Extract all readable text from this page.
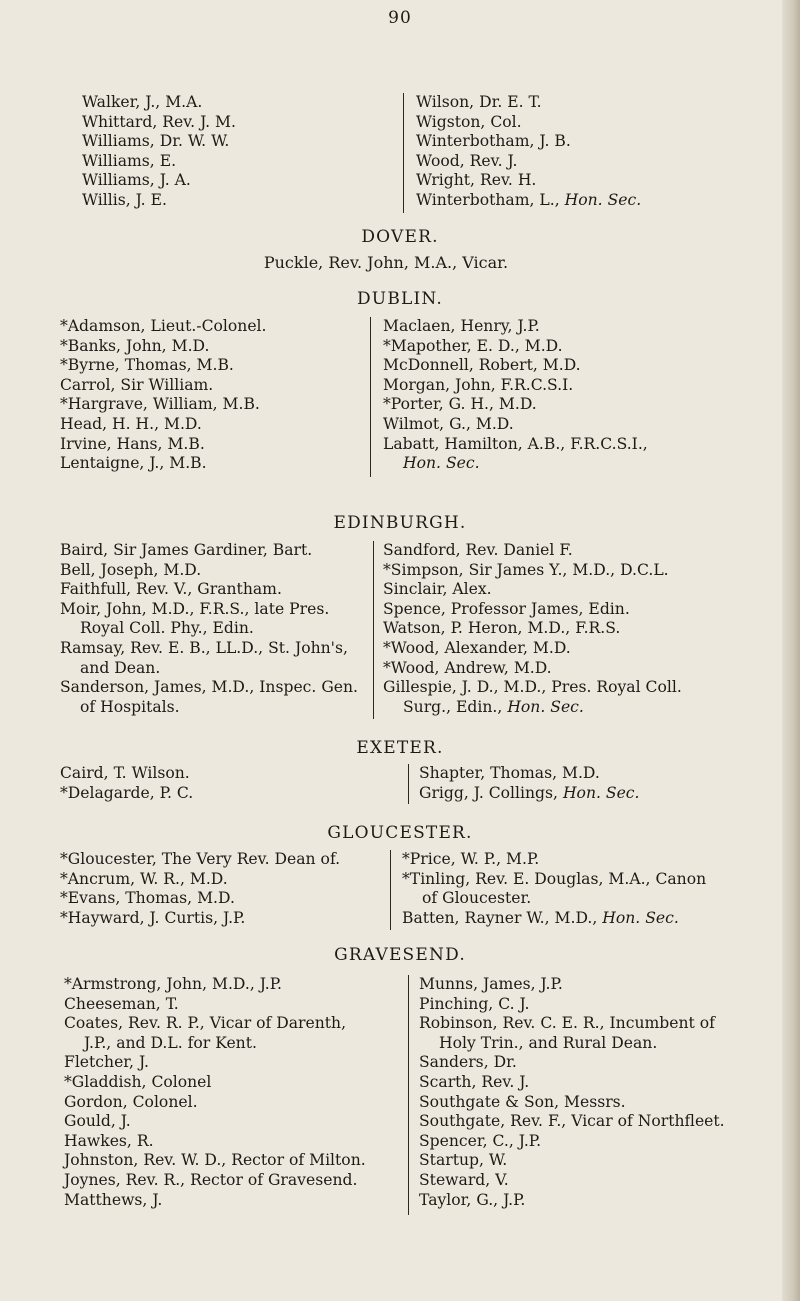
90
Walker, J., M.A.
Whittard, Rev. J. M.
Williams, Dr. W. W.
Williams, E.
Williams, J. A.
Willis, J. E.
Wilson, Dr. E. T.
Wigston, Col.
Winterbotham, J. B.
Wood, Rev. J.
Wright, Rev. H.
Winterbotham, L., Hon. Sec.
DOVER.
Puckle, Rev. John, M.A., Vicar.
DUBLIN.
*Adamson, Lieut.-Colonel.
*Banks, John, M.D.
*Byrne, Thomas, M.B.
Carrol, Sir William.
*Hargrave, William, M.B.
Head, H. H., M.D.
Irvine, Hans, M.B.
Lentaigne, J., M.B.
Maclaen, Henry, J.P.
*Mapother, E. D., M.D.
McDonnell, Robert, M.D.
Morgan, John, F.R.C.S.I.
*Porter, G. H., M.D.
Wilmot, G., M.D.
Labatt, Hamilton, A.B., F.R.C.S.I.,
Hon. Sec.
EDINBURGH.
Baird, Sir James Gardiner, Bart.
Bell, Joseph, M.D.
Faithfull, Rev. V., Grantham.
Moir, John, M.D., F.R.S., late Pres.
Royal Coll. Phy., Edin.
Ramsay, Rev. E. B., LL.D., St. John's,
and Dean.
Sanderson, James, M.D., Inspec. Gen.
of Hospitals.
Sandford, Rev. Daniel F.
*Simpson, Sir James Y., M.D., D.C.L.
Sinclair, Alex.
Spence, Professor James, Edin.
Watson, P. Heron, M.D., F.R.S.
*Wood, Alexander, M.D.
*Wood, Andrew, M.D.
Gillespie, J. D., M.D., Pres. Royal Coll.
Surg., Edin., Hon. Sec.
EXETER.
Caird, T. Wilson.
*Delagarde, P. C.
Shapter, Thomas, M.D.
Grigg, J. Collings, Hon. Sec.
GLOUCESTER.
*Gloucester, The Very Rev. Dean of.
*Ancrum, W. R., M.D.
*Evans, Thomas, M.D.
*Hayward, J. Curtis, J.P.
*Price, W. P., M.P.
*Tinling, Rev. E. Douglas, M.A., Canon
of Gloucester.
Batten, Rayner W., M.D., Hon. Sec.
GRAVESEND.
*Armstrong, John, M.D., J.P.
Cheeseman, T.
Coates, Rev. R. P., Vicar of Darenth,
J.P., and D.L. for Kent.
Fletcher, J.
*Gladdish, Colonel
Gordon, Colonel.
Gould, J.
Hawkes, R.
Johnston, Rev. W. D., Rector of Milton.
Joynes, Rev. R., Rector of Gravesend.
Matthews, J.
Munns, James, J.P.
Pinching, C. J.
Robinson, Rev. C. E. R., Incumbent of
Holy Trin., and Rural Dean.
Sanders, Dr.
Scarth, Rev. J.
Southgate & Son, Messrs.
Southgate, Rev. F., Vicar of Northfleet.
Spencer, C., J.P.
Startup, W.
Steward, V.
Taylor, G., J.P.
